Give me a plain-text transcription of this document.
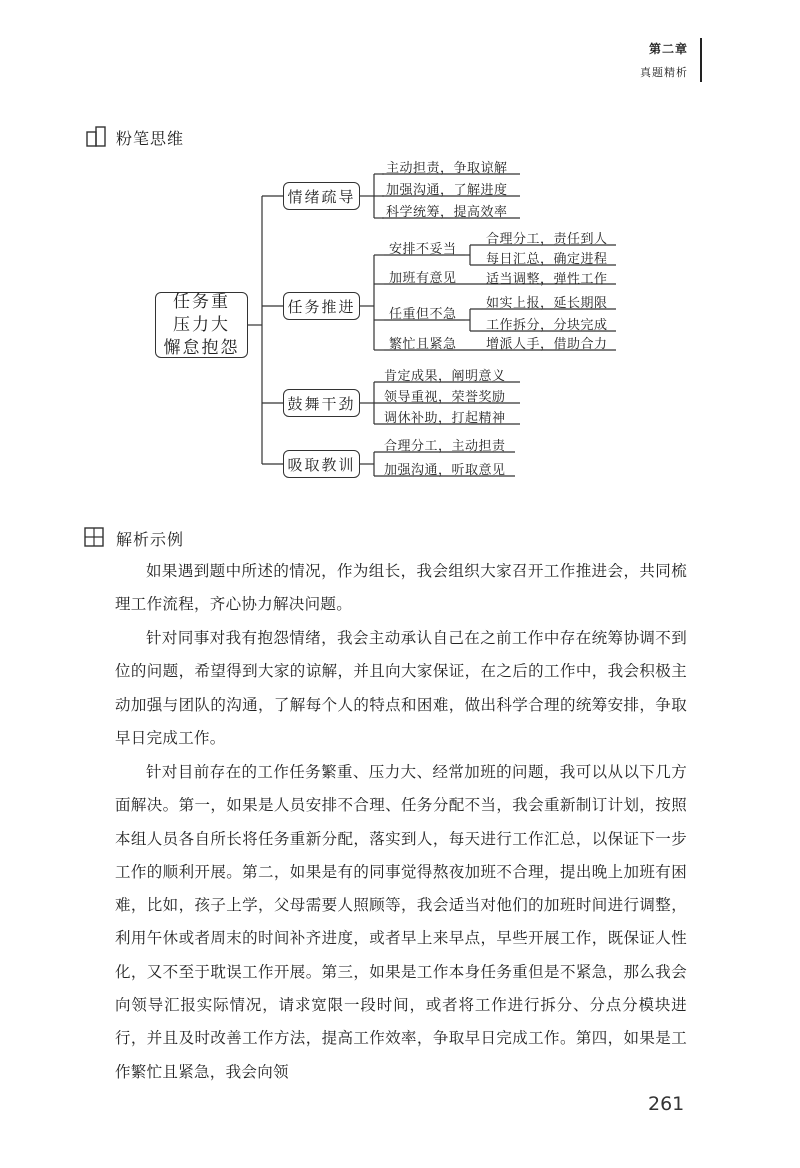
第二章
真题精析
粉笔思维
任务重
压力大
懈怠抱怨
情绪疏导
任务推进
鼓舞干劲
吸取教训
主动担责，争取谅解
加强沟通，了解进度
科学统筹，提高效率
安排不妥当
加班有意见
任重但不急
繁忙且紧急
合理分工，责任到人
每日汇总，确定进程
适当调整，弹性工作
如实上报，延长期限
工作拆分，分块完成
增派人手，借助合力
肯定成果，阐明意义
领导重视，荣誉奖励
调休补助，打起精神
合理分工，主动担责
加强沟通，听取意见
解析示例
如果遇到题中所述的情况，作为组长，我会组织大家召开工作推进会，共同梳理工作流程，齐心协力解决问题。
针对同事对我有抱怨情绪，我会主动承认自己在之前工作中存在统筹协调不到位的问题，希望得到大家的谅解，并且向大家保证，在之后的工作中，我会积极主动加强与团队的沟通，了解每个人的特点和困难，做出科学合理的统筹安排，争取早日完成工作。
针对目前存在的工作任务繁重、压力大、经常加班的问题，我可以从以下几方面解决。第一，如果是人员安排不合理、任务分配不当，我会重新制订计划，按照本组人员各自所长将任务重新分配，落实到人，每天进行工作汇总，以保证下一步工作的顺利开展。第二，如果是有的同事觉得熬夜加班不合理，提出晚上加班有困难，比如，孩子上学，父母需要人照顾等，我会适当对他们的加班时间进行调整，利用午休或者周末的时间补齐进度，或者早上来早点，早些开展工作，既保证人性化，又不至于耽误工作开展。第三，如果是工作本身任务重但是不紧急，那么我会向领导汇报实际情况，请求宽限一段时间，或者将工作进行拆分、分点分模块进行，并且及时改善工作方法，提高工作效率，争取早日完成工作。第四，如果是工作繁忙且紧急，我会向领
261
